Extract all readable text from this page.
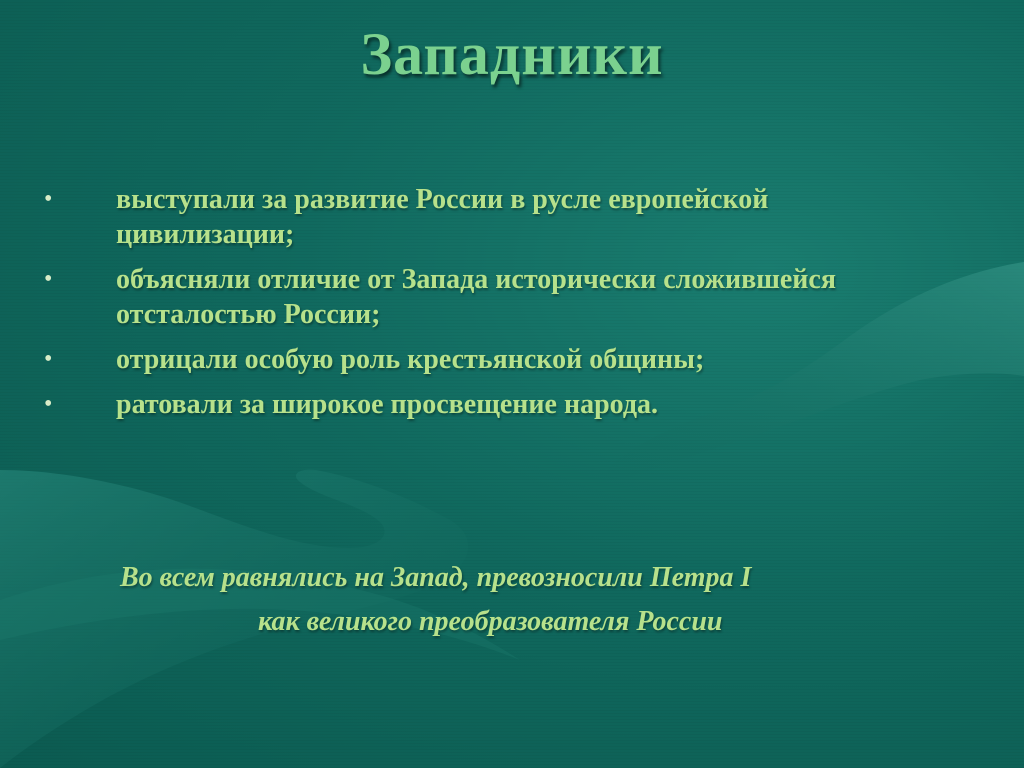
Западники
• выступали за развитие России в русле европейской цивилизации;
• объясняли отличие от Запада исторически сложившейся отсталостью России;
• отрицали особую роль крестьянской общины;
• ратовали за широкое просвещение народа.
Во всем равнялись на Запад, превозносили Петра I
как великого преобразователя России
